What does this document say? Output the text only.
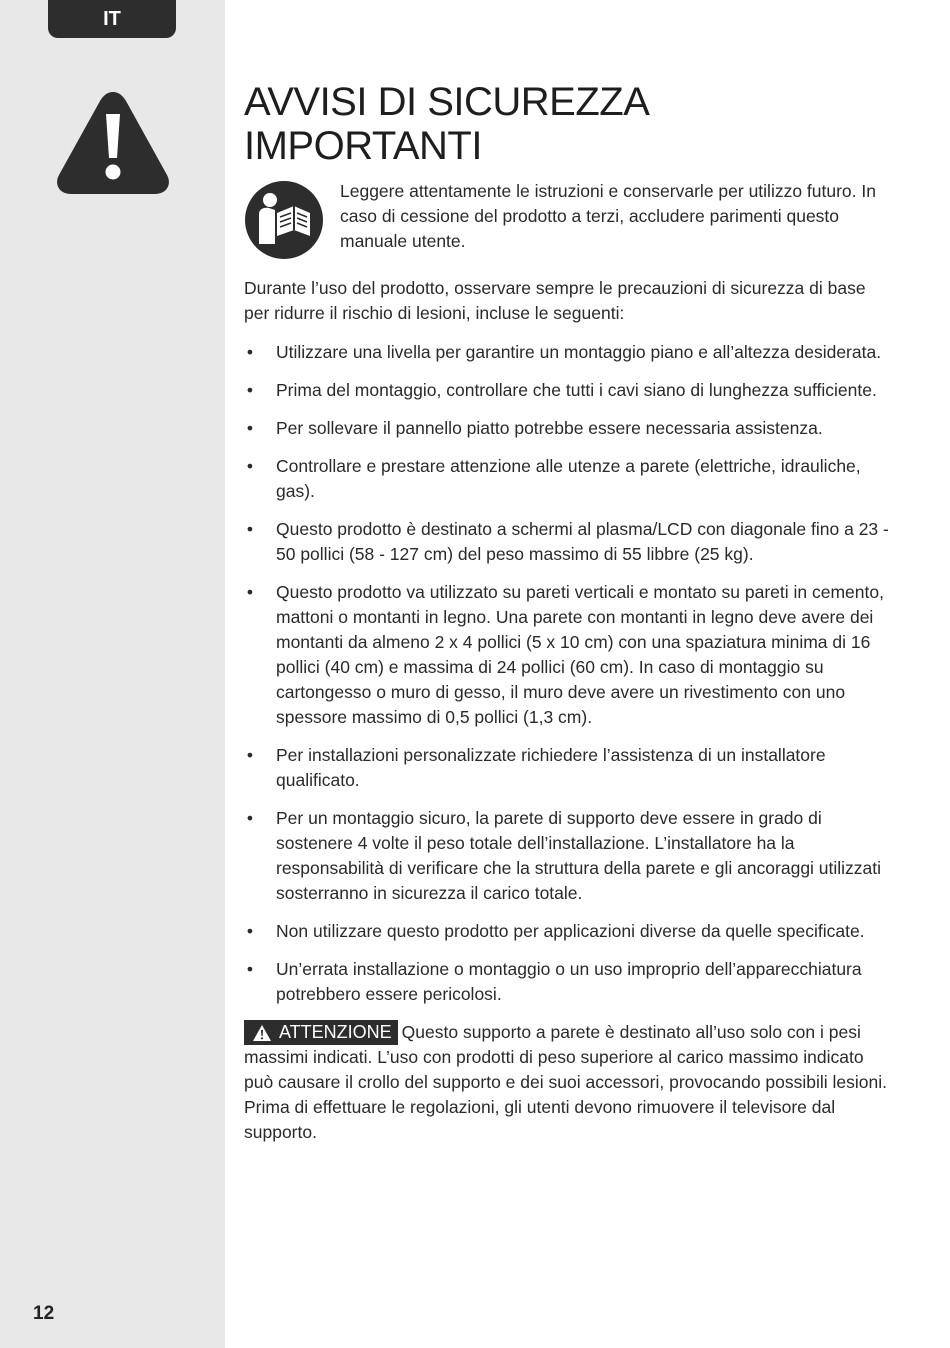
IT
12
AVVISI DI SICUREZZA
IMPORTANTI
Leggere attentamente le istruzioni e conservarle per utilizzo futuro. In caso di cessione del prodotto a terzi, accludere parimenti questo manuale utente.

Durante l’uso del prodotto, osservare sempre le precauzioni di sicurezza di base per ridurre il rischio di lesioni, incluse le seguenti:

• Utilizzare una livella per garantire un montaggio piano e all’altezza desiderata.
• Prima del montaggio, controllare che tutti i cavi siano di lunghezza sufficiente.
• Per sollevare il pannello piatto potrebbe essere necessaria assistenza.
• Controllare e prestare attenzione alle utenze a parete (elettriche, idrauliche, gas).
• Questo prodotto è destinato a schermi al plasma/LCD con diagonale fino a 23 - 50 pollici (58 - 127 cm) del peso massimo di 55 libbre (25 kg).
• Questo prodotto va utilizzato su pareti verticali e montato su pareti in cemento, mattoni o montanti in legno. Una parete con montanti in legno deve avere dei montanti da almeno 2 x 4 pollici (5 x 10 cm) con una spaziatura minima di 16 pollici (40 cm) e massima di 24 pollici (60 cm). In caso di montaggio su cartongesso o muro di gesso, il muro deve avere un rivestimento con uno spessore massimo di 0,5 pollici (1,3 cm).
• Per installazioni personalizzate richiedere l’assistenza di un installatore qualificato.
• Per un montaggio sicuro, la parete di supporto deve essere in grado di sostenere 4 volte il peso totale dell’installazione. L’installatore ha la responsabilità di verificare che la struttura della parete e gli ancoraggi utilizzati sosterranno in sicurezza il carico totale.
• Non utilizzare questo prodotto per applicazioni diverse da quelle specificate.
• Un’errata installazione o montaggio o un uso improprio dell’apparecchiatura potrebbero essere pericolosi.
ATTENZIONE Questo supporto a parete è destinato all’uso solo con i pesi massimi indicati. L’uso con prodotti di peso superiore al carico massimo indicato può causare il crollo del supporto e dei suoi accessori, provocando possibili lesioni. Prima di effettuare le regolazioni, gli utenti devono rimuovere il televisore dal supporto.
